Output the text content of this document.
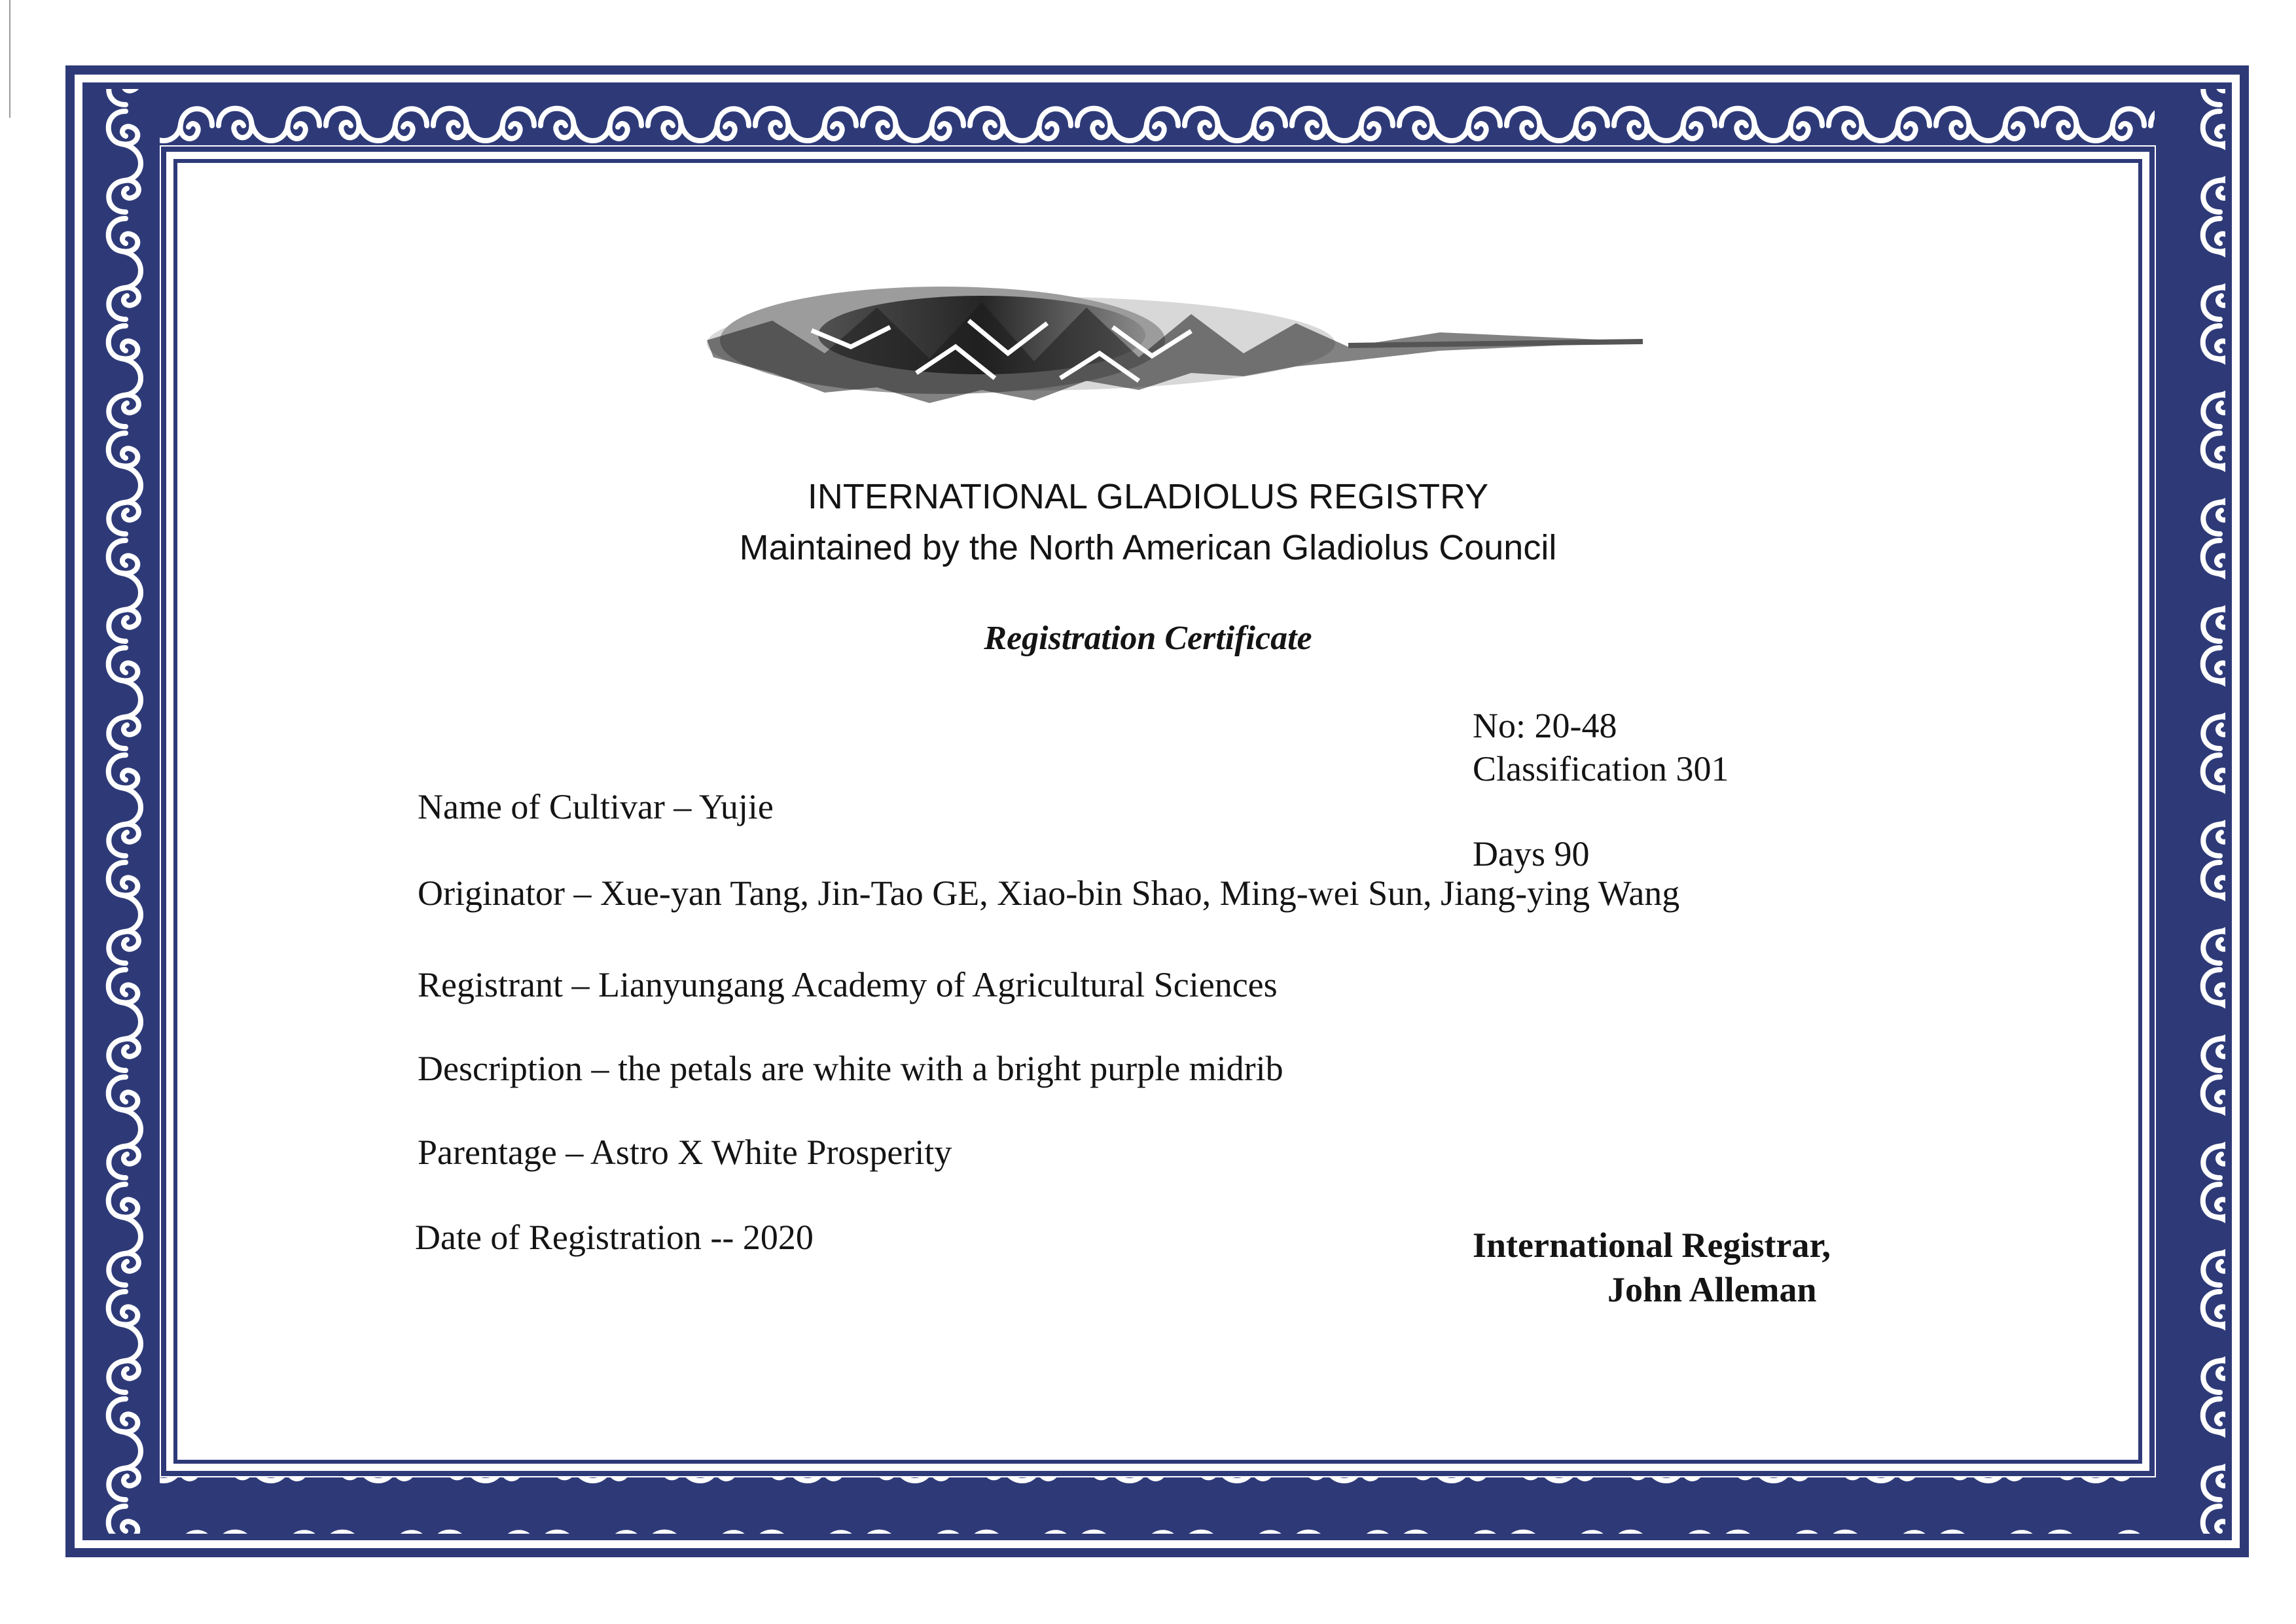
INTERNATIONAL GLADIOLUS REGISTRY
Maintained by the North American Gladiolus Council
Registration Certificate
No: 20-48
Classification 301
Days 90
Name of Cultivar – Yujie
Originator – Xue-yan Tang, Jin-Tao GE, Xiao-bin Shao, Ming-wei Sun, Jiang-ying Wang
Registrant – Lianyungang Academy of Agricultural Sciences
Description – the petals are white with a bright purple midrib
Parentage – Astro X White Prosperity
Date of Registration -- 2020	International Registrar,
John Alleman
